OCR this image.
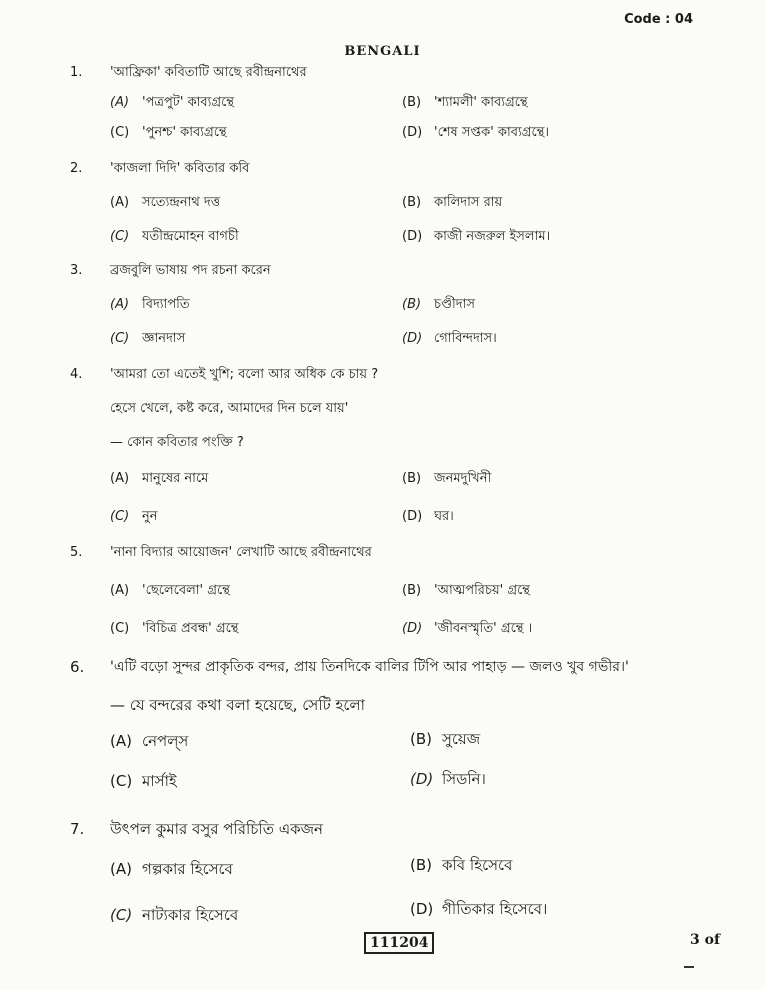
Code : 04
BENGALI
1.	'আফ্রিকা' কবিতাটি আছে রবীন্দ্রনাথের
(A) 'পত্রপুট' কাব্যগ্রন্থে	(B) 'শ্যামলী' কাব্যগ্রন্থে
(C) 'পুনশ্চ' কাব্যগ্রন্থে	(D) 'শেষ সপ্তক' কাব্যগ্রন্থে।
2.	'কাজলা দিদি' কবিতার কবি
(A) সত্যেন্দ্রনাথ দত্ত	(B) কালিদাস রায়
(C) যতীন্দ্রমোহন বাগচী	(D) কাজী নজরুল ইসলাম।
3.	ব্রজবুলি ভাষায় পদ রচনা করেন
(A) বিদ্যাপতি	(B) চণ্ডীদাস
(C) জ্ঞানদাস	(D) গোবিন্দদাস।
4.	'আমরা তো এতেই খুশি; বলো আর অধিক কে চায় ?
হেসে খেলে, কষ্ট করে, আমাদের দিন চলে যায়'
— কোন কবিতার পংক্তি ?
(A) মানুষের নামে	(B) জনমদুখিনী
(C) নুন	(D) ঘর।
5.	'নানা বিদ্যার আয়োজন' লেখাটি আছে রবীন্দ্রনাথের
(A) 'ছেলেবেলা' গ্রন্থে	(B) 'আত্মপরিচয়' গ্রন্থে
(C) 'বিচিত্র প্রবন্ধ' গ্রন্থে	(D) 'জীবনস্মৃতি' গ্রন্থে ।
6.	'এটি বড়ো সুন্দর প্রাকৃতিক বন্দর, প্রায় তিনদিকে বালির টিপি আর পাহাড় — জলও খুব গভীর।'
— যে বন্দরের কথা বলা হয়েছে, সেটি হলো
(A) নেপল্‌স	(B) সুয়েজ
(C) মার্সাই	(D) সিডনি।
7.	উৎপল কুমার বসুর পরিচিতি একজন
(A) গল্পকার হিসেবে	(B) কবি হিসেবে
(C) নাট্যকার হিসেবে	(D) গীতিকার হিসেবে।
111204	3 of
